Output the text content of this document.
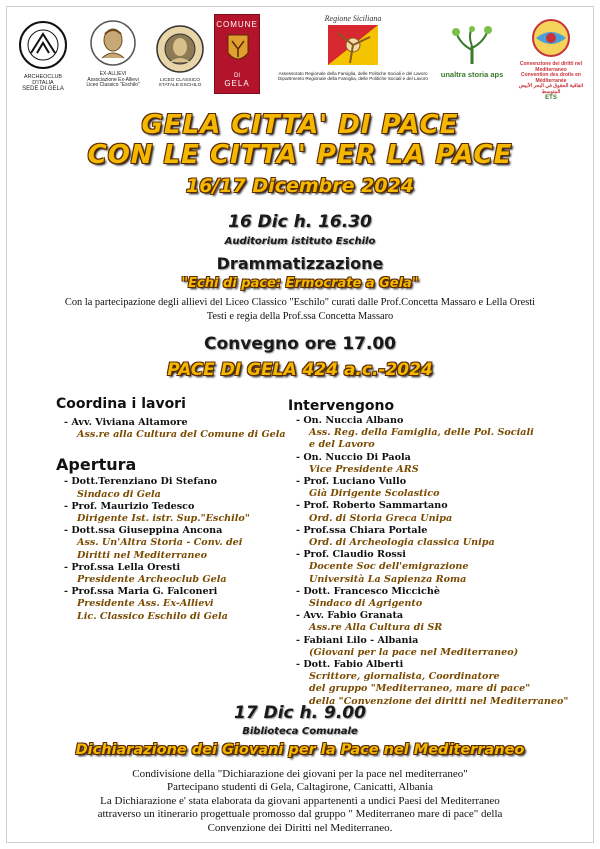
ARCHEOCLUB D'ITALIA
SEDE DI GELA
EX-ALLIEVI
Associazione Ex-Allievi Liceo Classico "Eschilo"
LICEO CLASSICO STATALE ESCHILO
COMUNE
DI
GELA
Regione Siciliana
Assessorato Regionale della Famiglia, delle Politiche Sociali e del Lavoro
Dipartimento Regionale della Famiglia, delle Politiche Sociali e del Lavoro	unaltra storia aps
Convenzione dei diritti nel Mediterraneo
Convention des droits en Méditerranée
اتفاقية الحقوق في البحر الأبيض المتوسط
ETS
GELA CITTA' DI PACE
CON LE CITTA' PER LA PACE
16/17 Dicembre 2024
16 Dic h. 16.30
Auditorium istituto Eschilo
Drammatizzazione
"Echi di pace: Ermocrate a Gela"
Con la partecipazione degli allievi del Liceo Classico "Eschilo" curati dalle Prof.Concetta Massaro e Lella Oresti
Testi e regia della Prof.ssa Concetta Massaro
Convegno ore 17.00
PACE DI GELA 424 a.c.-2024
Coordina i lavori
- Avv. Viviana Altamore
Ass.re alla Cultura del Comune di Gela
Apertura
- Dott.Terenziano Di Stefano
Sindaco di Gela
- Prof. Maurizio Tedesco
Dirigente Ist. istr. Sup."Eschilo"
- Dott.ssa Giuseppina Ancona
Ass. Un'Altra Storia - Conv. dei
Diritti nel Mediterraneo
- Prof.ssa Lella Oresti
Presidente Archeoclub Gela
- Prof.ssa Maria G. Falconeri
Presidente Ass. Ex-Allievi
Lic. Classico Eschilo di Gela
Intervengono
- On. Nuccia Albano
Ass. Reg. della Famiglia, delle Pol. Sociali
e del Lavoro
- On. Nuccio Di Paola
Vice Presidente ARS
- Prof. Luciano Vullo
Già Dirigente Scolastico
- Prof. Roberto Sammartano
Ord. di Storia Greca Unipa
- Prof.ssa Chiara Portale
Ord. di Archeologia classica Unipa
- Prof. Claudio Rossi
Docente Soc dell'emigrazione
Università La Sapienza Roma
- Dott. Francesco Miccichè
Sindaco di Agrigento
- Avv. Fabio Granata
Ass.re Alla Cultura di SR
- Fabiani Lilo - Albania
(Giovani per la pace nel Mediterraneo)
- Dott. Fabio Alberti
Scrittore, giornalista, Coordinatore
del gruppo "Mediterraneo, mare di pace"
della "Convenzione dei diritti nel Mediterraneo"
17 Dic h. 9.00
Biblioteca Comunale
Dichiarazione dei Giovani per la Pace nel Mediterraneo
Condivisione della "Dichiarazione dei giovani per la pace nel mediterraneo"
Partecipano studenti di Gela, Caltagirone, Canicatti, Albania
La Dichiarazione e' stata elaborata da giovani appartenenti a undici Paesi del Mediterraneo
attraverso un itinerario progettuale promosso dal gruppo " Mediterraneo mare di pace" della
Convenzione dei Diritti nel Mediterraneo.
